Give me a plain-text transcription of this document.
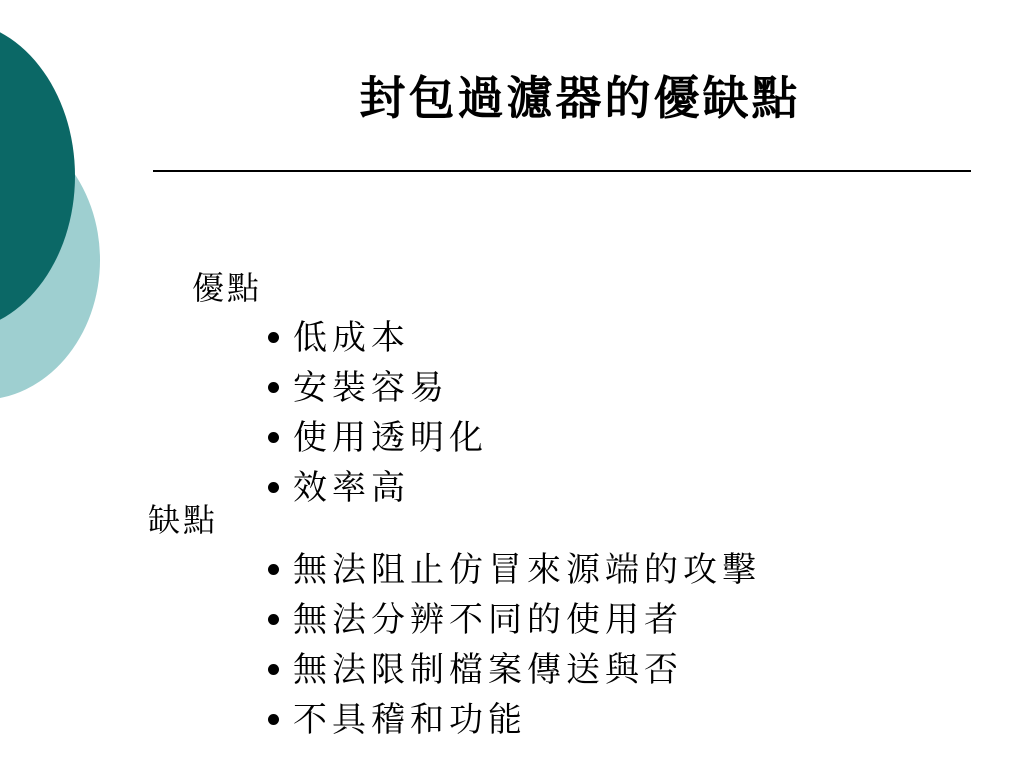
封包過濾器的優缺點
優點
低成本
安裝容易
使用透明化
效率高
缺點
無法阻止仿冒來源端的攻擊
無法分辨不同的使用者
無法限制檔案傳送與否
不具稽和功能
